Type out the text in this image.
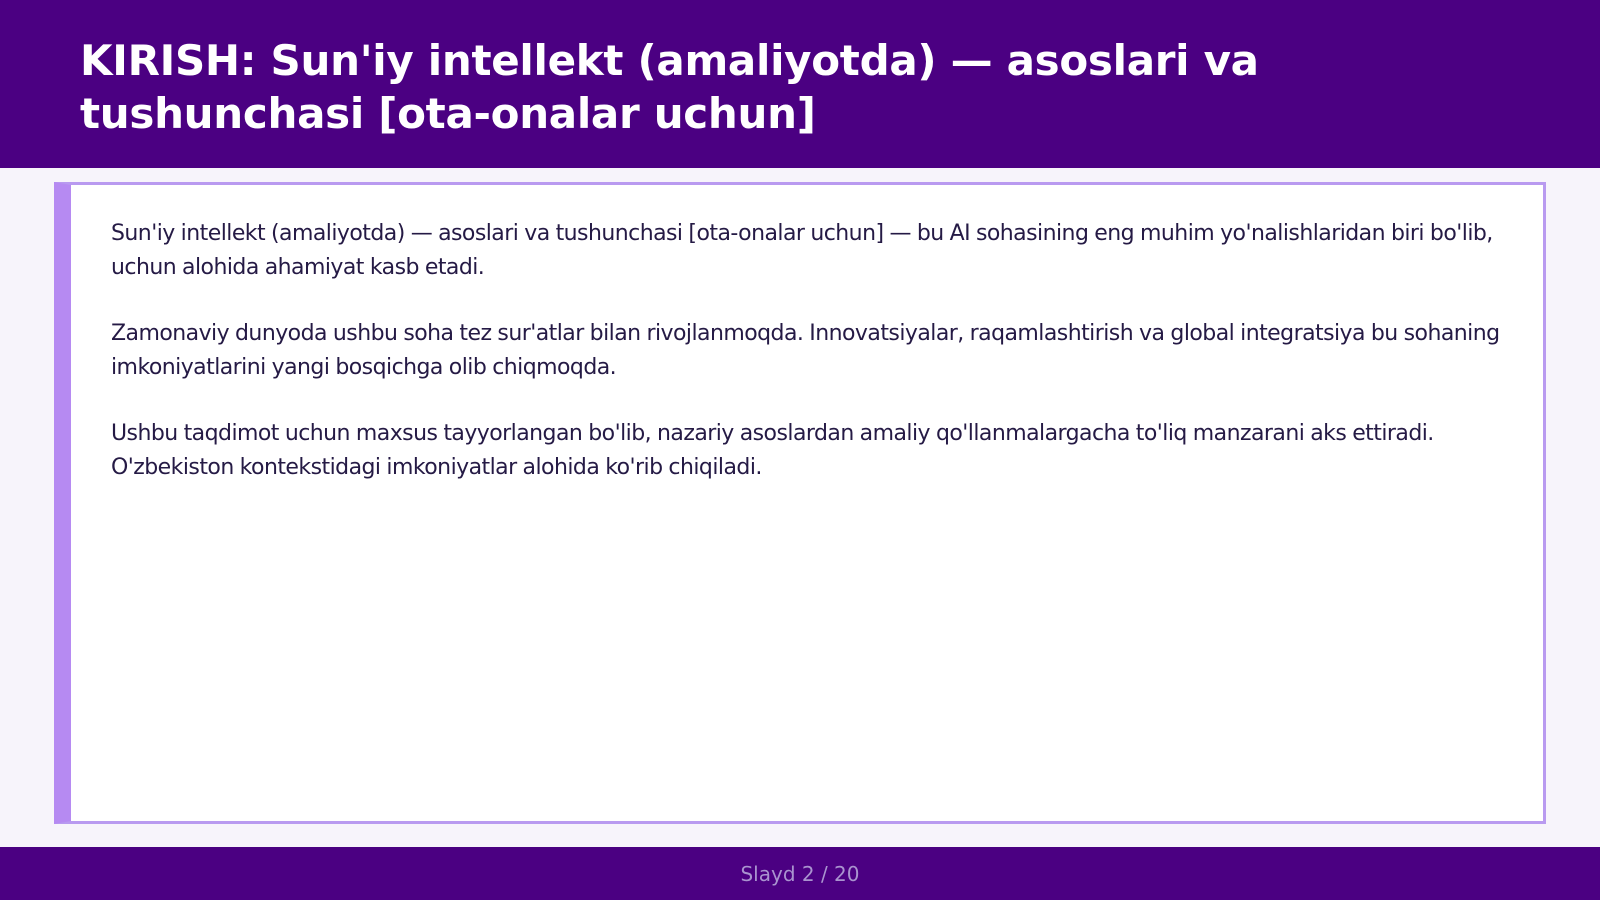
KIRISH: Sun'iy intellekt (amaliyotda) — asoslari va tushunchasi [ota-onalar uchun]

Sun'iy intellekt (amaliyotda) — asoslari va tushunchasi [ota-onalar uchun] — bu AI sohasining eng muhim yo'nalishlaridan biri bo'lib, uchun alohida ahamiyat kasb etadi.

Zamonaviy dunyoda ushbu soha tez sur'atlar bilan rivojlanmoqda. Innovatsiyalar, raqamlashtirish va global integratsiya bu sohaning imkoniyatlarini yangi bosqichga olib chiqmoqda.

Ushbu taqdimot uchun maxsus tayyorlangan bo'lib, nazariy asoslardan amaliy qo'llanmalargacha to'liq manzarani aks ettiradi. O'zbekiston kontekstidagi imkoniyatlar alohida ko'rib chiqiladi.

Slayd 2 / 20
